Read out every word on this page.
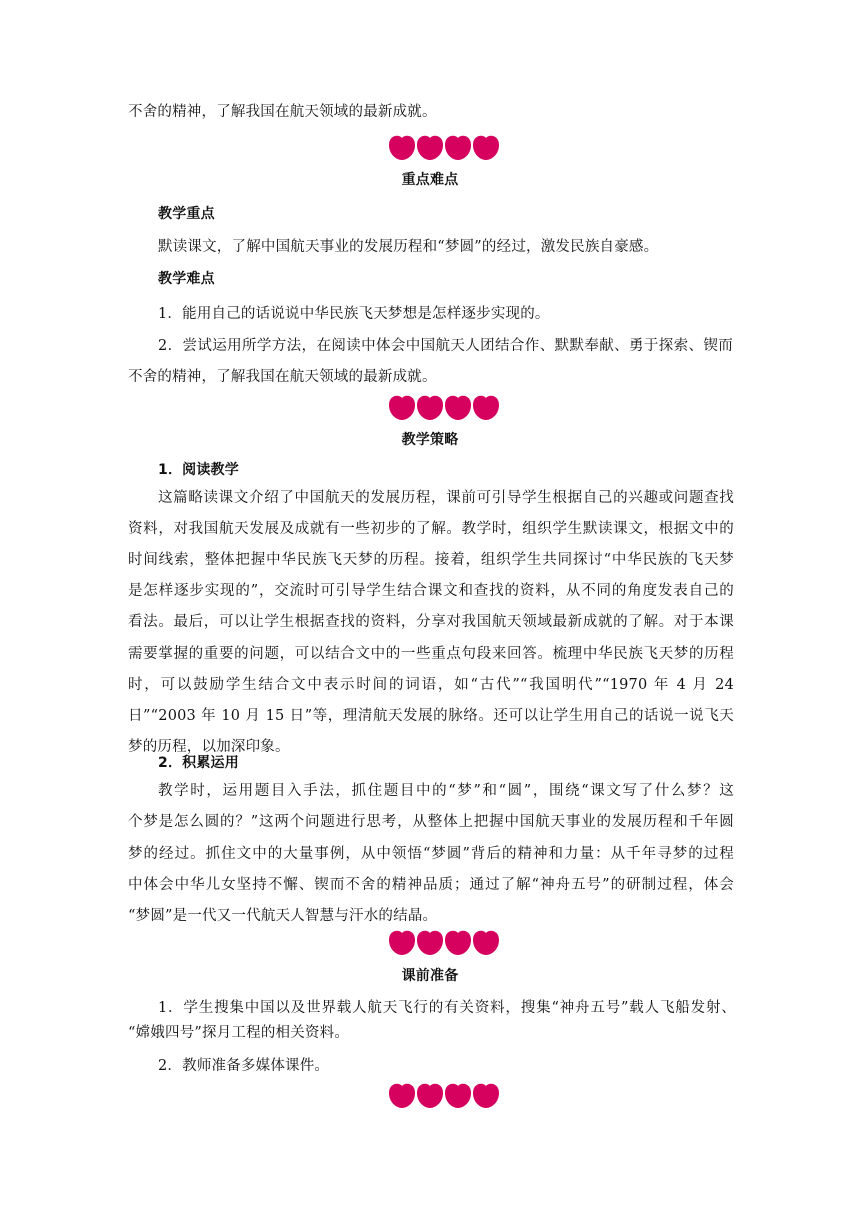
不舍的精神，了解我国在航天领域的最新成就。
重点难点
教学重点
默读课文，了解中国航天事业的发展历程和“梦圆”的经过，激发民族自豪感。
教学难点
1．能用自己的话说说中华民族飞天梦想是怎样逐步实现的。
2．尝试运用所学方法，在阅读中体会中国航天人团结合作、默默奉献、勇于探索、锲而
不舍的精神，了解我国在航天领域的最新成就。
教学策略
1．阅读教学
这篇略读课文介绍了中国航天的发展历程，课前可引导学生根据自己的兴趣或问题查找
资料，对我国航天发展及成就有一些初步的了解。教学时，组织学生默读课文，根据文中的
时间线索，整体把握中华民族飞天梦的历程。接着，组织学生共同探讨“中华民族的飞天梦
是怎样逐步实现的”，交流时可引导学生结合课文和查找的资料，从不同的角度发表自己的
看法。最后，可以让学生根据查找的资料，分享对我国航天领域最新成就的了解。对于本课
需要掌握的重要的问题，可以结合文中的一些重点句段来回答。梳理中华民族飞天梦的历程
时，可以鼓励学生结合文中表示时间的词语，如“古代”“我国明代”“1970 年 4 月 24
日”“2003 年 10 月 15 日”等，理清航天发展的脉络。还可以让学生用自己的话说一说飞天
梦的历程，以加深印象。
2．积累运用
教学时，运用题目入手法，抓住题目中的“梦”和“圆”，围绕“课文写了什么梦？这
个梦是怎么圆的？”这两个问题进行思考，从整体上把握中国航天事业的发展历程和千年圆
梦的经过。抓住文中的大量事例，从中领悟“梦圆”背后的精神和力量：从千年寻梦的过程
中体会中华儿女坚持不懈、锲而不舍的精神品质；通过了解“神舟五号”的研制过程，体会
“梦圆”是一代又一代航天人智慧与汗水的结晶。
课前准备
1．学生搜集中国以及世界载人航天飞行的有关资料，搜集“神舟五号”载人飞船发射、
“嫦娥四号”探月工程的相关资料。
2．教师准备多媒体课件。
